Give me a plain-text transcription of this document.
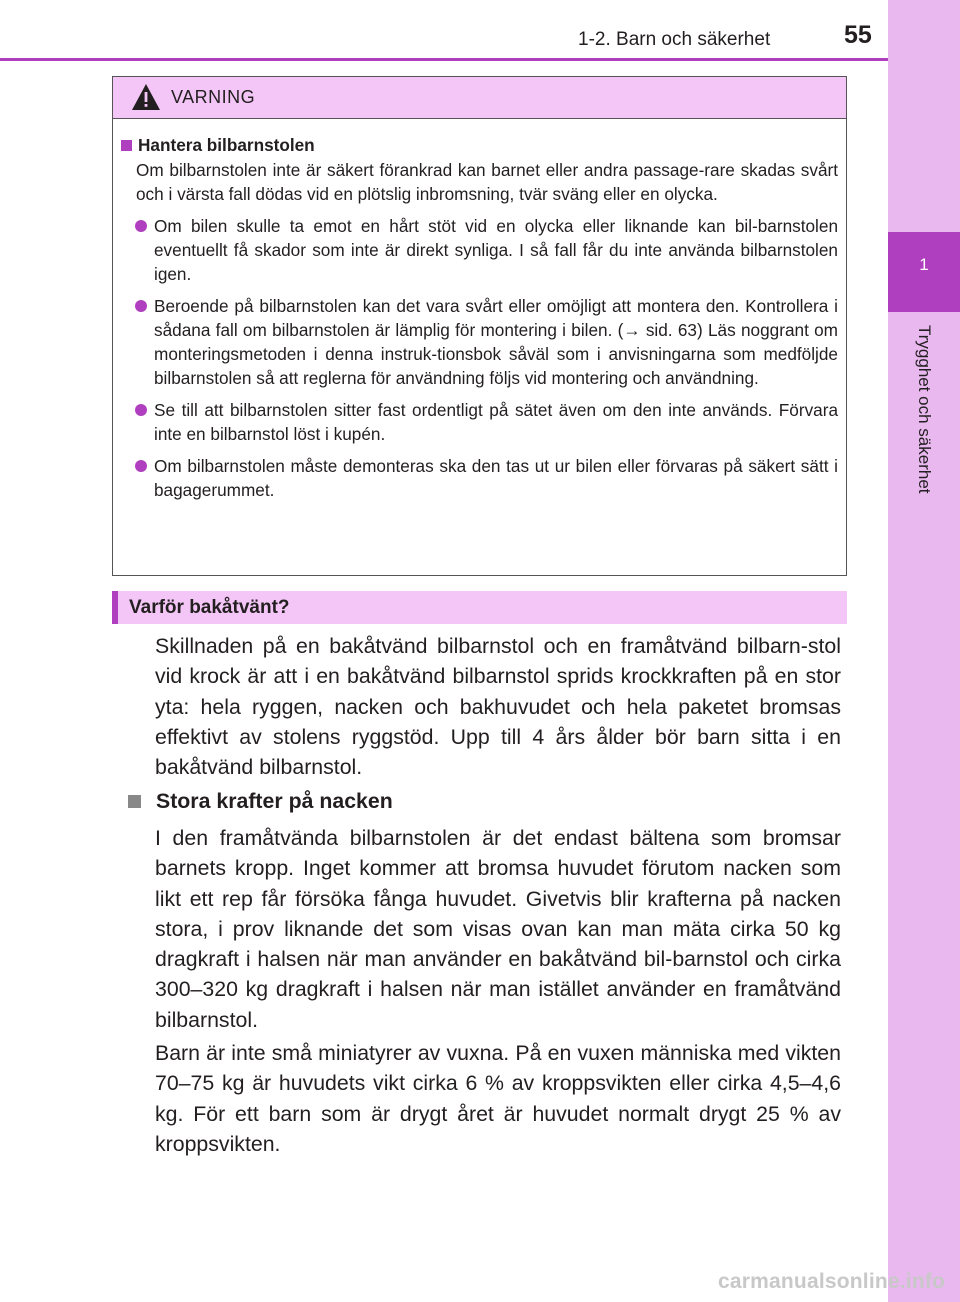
1
Trygghet och säkerhet
1-2. Barn och säkerhet	55
VARNING
Hantera bilbarnstolen
Om bilbarnstolen inte är säkert förankrad kan barnet eller andra passage-rare skadas svårt och i värsta fall dödas vid en plötslig inbromsning, tvär sväng eller en olycka.
Om bilen skulle ta emot en hårt stöt vid en olycka eller liknande kan bil-barnstolen eventuellt få skador som inte är direkt synliga. I så fall får du inte använda bilbarnstolen igen.
Beroende på bilbarnstolen kan det vara svårt eller omöjligt att montera den. Kontrollera i sådana fall om bilbarnstolen är lämplig för montering i bilen. (→ sid. 63) Läs noggrant om monteringsmetoden i denna instruk-tionsbok såväl som i anvisningarna som medföljde bilbarnstolen så att reglerna för användning följs vid montering och användning.
Se till att bilbarnstolen sitter fast ordentligt på sätet även om den inte används. Förvara inte en bilbarnstol löst i kupén.
Om bilbarnstolen måste demonteras ska den tas ut ur bilen eller förvaras på säkert sätt i bagagerummet.
Varför bakåtvänt?
Skillnaden på en bakåtvänd bilbarnstol och en framåtvänd bilbarn-stol vid krock är att i en bakåtvänd bilbarnstol sprids krockkraften på en stor yta: hela ryggen, nacken och bakhuvudet och hela paketet bromsas effektivt av stolens ryggstöd. Upp till 4 års ålder bör barn sitta i en bakåtvänd bilbarnstol.
Stora krafter på nacken
I den framåtvända bilbarnstolen är det endast bältena som bromsar barnets kropp. Inget kommer att bromsa huvudet förutom nacken som likt ett rep får försöka fånga huvudet. Givetvis blir krafterna på nacken stora, i prov liknande det som visas ovan kan man mäta cirka 50 kg dragkraft i halsen när man använder en bakåtvänd bil-barnstol och cirka 300–320 kg dragkraft i halsen när man istället använder en framåtvänd bilbarnstol.
Barn är inte små miniatyrer av vuxna. På en vuxen människa med vikten 70–75 kg är huvudets vikt cirka 6 % av kroppsvikten eller cirka 4,5–4,6 kg. För ett barn som är drygt året är huvudet normalt drygt 25 % av kroppsvikten.
carmanualsonline.info
